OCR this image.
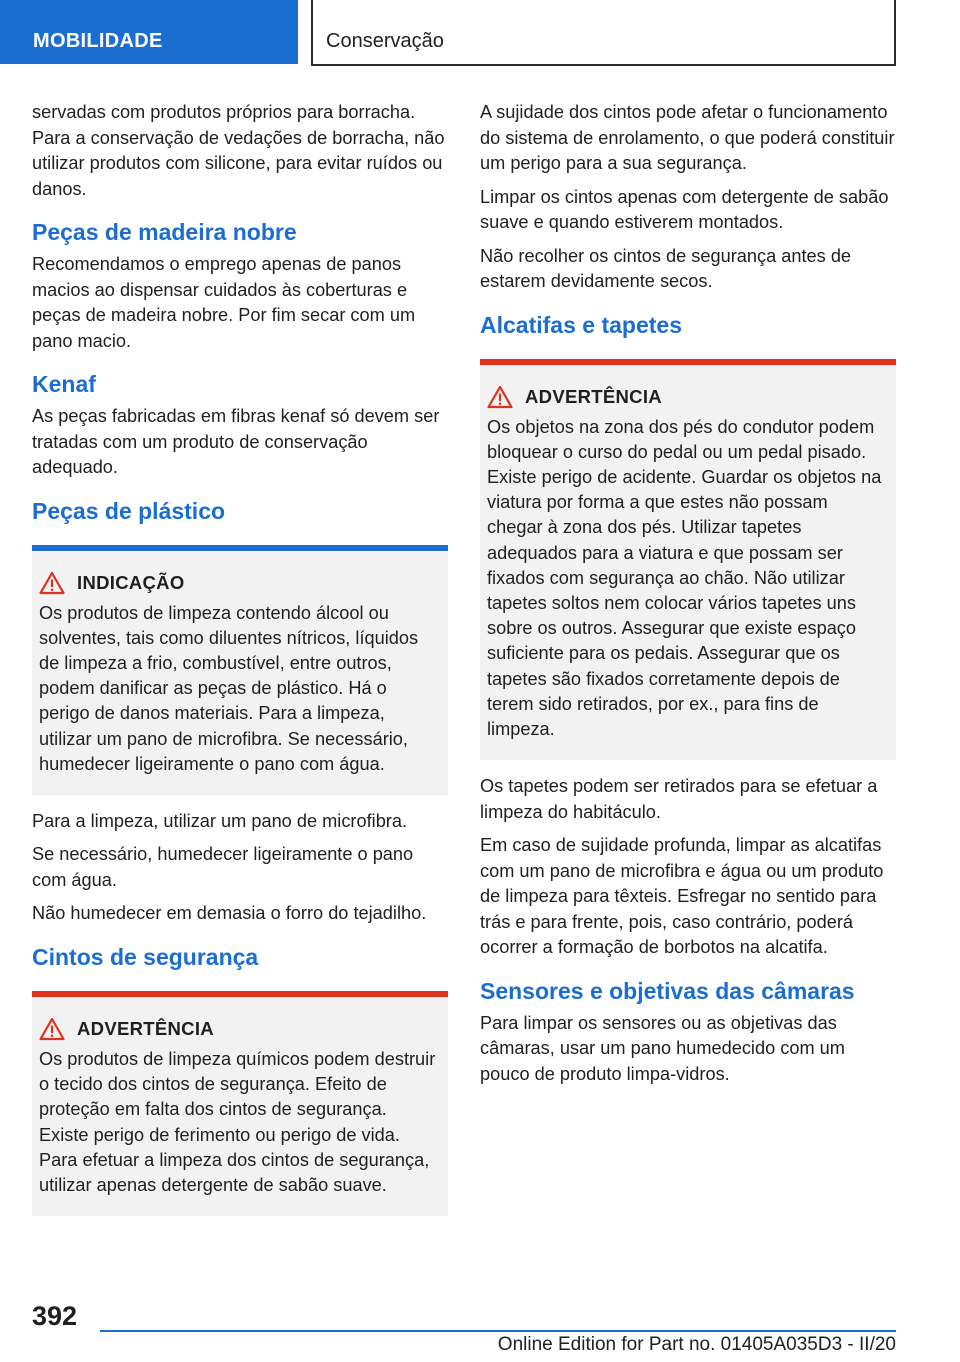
MOBILIDADE	Conservação

servadas com produtos próprios para borracha. Para a conservação de vedações de borracha, não utilizar produtos com silicone, para evitar ruídos ou danos.

Peças de madeira nobre

Recomendamos o emprego apenas de panos macios ao dispensar cuidados às coberturas e peças de madeira nobre. Por fim secar com um pano macio.

Kenaf

As peças fabricadas em fibras kenaf só devem ser tratadas com um produto de conservação adequado.

Peças de plástico
INDICAÇÃO

Os produtos de limpeza contendo álcool ou solventes, tais como diluentes nítricos, líquidos de limpeza a frio, combustível, entre outros, podem danificar as peças de plástico. Há o perigo de danos materiais. Para a limpeza, utilizar um pano de microfibra. Se necessário, humedecer ligeiramente o pano com água.

Para a limpeza, utilizar um pano de microfibra.

Se necessário, humedecer ligeiramente o pano com água.

Não humedecer em demasia o forro do tejadilho.

Cintos de segurança
ADVERTÊNCIA

Os produtos de limpeza químicos podem destruir o tecido dos cintos de segurança. Efeito de proteção em falta dos cintos de segurança. Existe perigo de ferimento ou perigo de vida. Para efetuar a limpeza dos cintos de segurança, utilizar apenas detergente de sabão suave.

A sujidade dos cintos pode afetar o funcionamento do sistema de enrolamento, o que poderá constituir um perigo para a sua segurança.

Limpar os cintos apenas com detergente de sabão suave e quando estiverem montados.

Não recolher os cintos de segurança antes de estarem devidamente secos.

Alcatifas e tapetes
ADVERTÊNCIA

Os objetos na zona dos pés do condutor podem bloquear o curso do pedal ou um pedal pisado. Existe perigo de acidente. Guardar os objetos na viatura por forma a que estes não possam chegar à zona dos pés. Utilizar tapetes adequados para a viatura e que possam ser fixados com segurança ao chão. Não utilizar tapetes soltos nem colocar vários tapetes uns sobre os outros. Assegurar que existe espaço suficiente para os pedais. Assegurar que os tapetes são fixados corretamente depois de terem sido retirados, por ex., para fins de limpeza.

Os tapetes podem ser retirados para se efetuar a limpeza do habitáculo.

Em caso de sujidade profunda, limpar as alcatifas com um pano de microfibra e água ou um produto de limpeza para têxteis. Esfregar no sentido para trás e para frente, pois, caso contrário, poderá ocorrer a formação de borbotos na alcatifa.

Sensores e objetivas das câmaras

Para limpar os sensores ou as objetivas das câmaras, usar um pano humedecido com um pouco de produto limpa-vidros.

392
Online Edition for Part no. 01405A035D3 - II/20
